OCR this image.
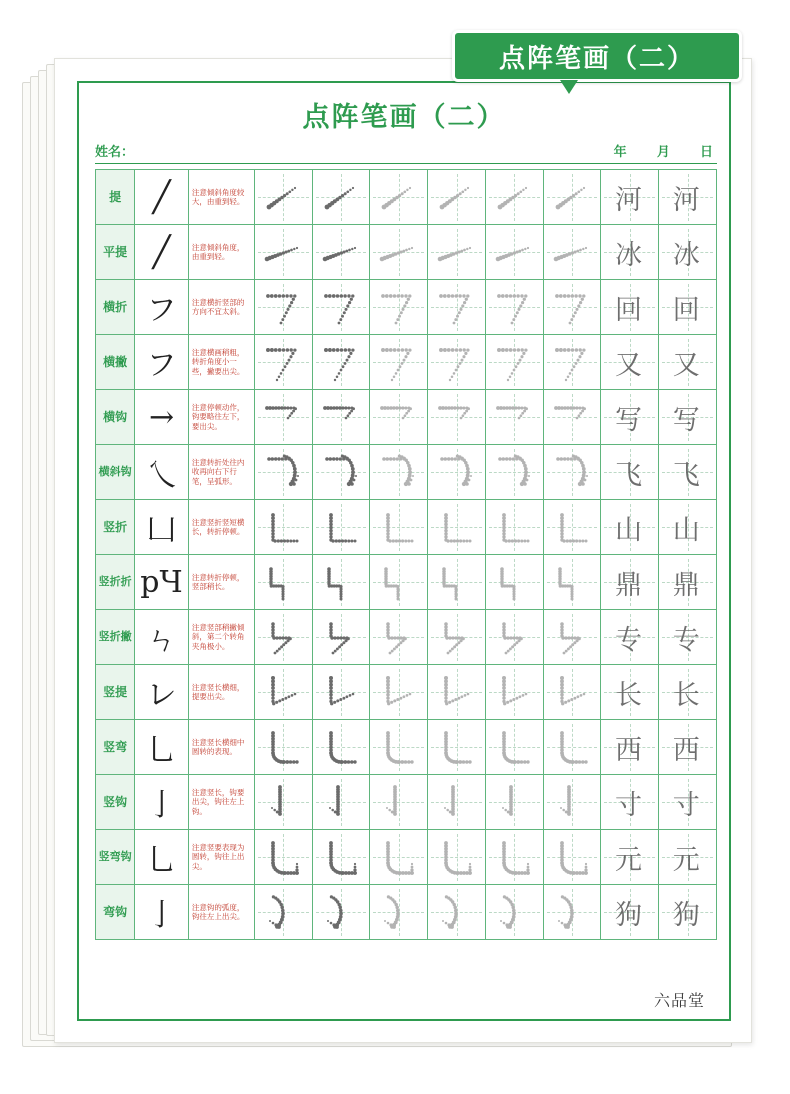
点阵笔画（二）
点阵笔画（二）
姓名：	年 月 日
提	╱	注意倾斜角度较大，由重到轻。							河	河

平提	╱	注意倾斜角度，由重到轻。							冰	冰

横折	フ	注意横折竖部的方向不宜太斜。							回	回

横撇	フ	注意横画稍粗，转折角度小一些，撇要出尖。							又	又

横钩	→	注意停顿动作，钩要略往左下，要出尖。							写	写

横斜钩	乀	注意转折处往内收再向右下行笔，呈弧形。							飞	飞

竖折	凵	注意竖折竖短横长，转折停顿。							山	山

竖折折	рЧ	注意转折停顿，竖部稍长。							鼎	鼎

竖折撇	ㄣ	注意竖部稍撇倾斜，第二个转角夹角极小。							专	专

竖提	レ	注意竖长横细，提要出尖。							长	长

竖弯	乚	注意竖长横细中圆转的表现。							西	西

竖钩	亅	注意竖长，钩要出尖，钩往左上钩。							寸	寸

竖弯钩	乚	注意竖要表现为圆转，钩往上出尖。							元	元

弯钩	亅	注意钩的弧度，钩往左上出尖。							狗	狗
六品堂
